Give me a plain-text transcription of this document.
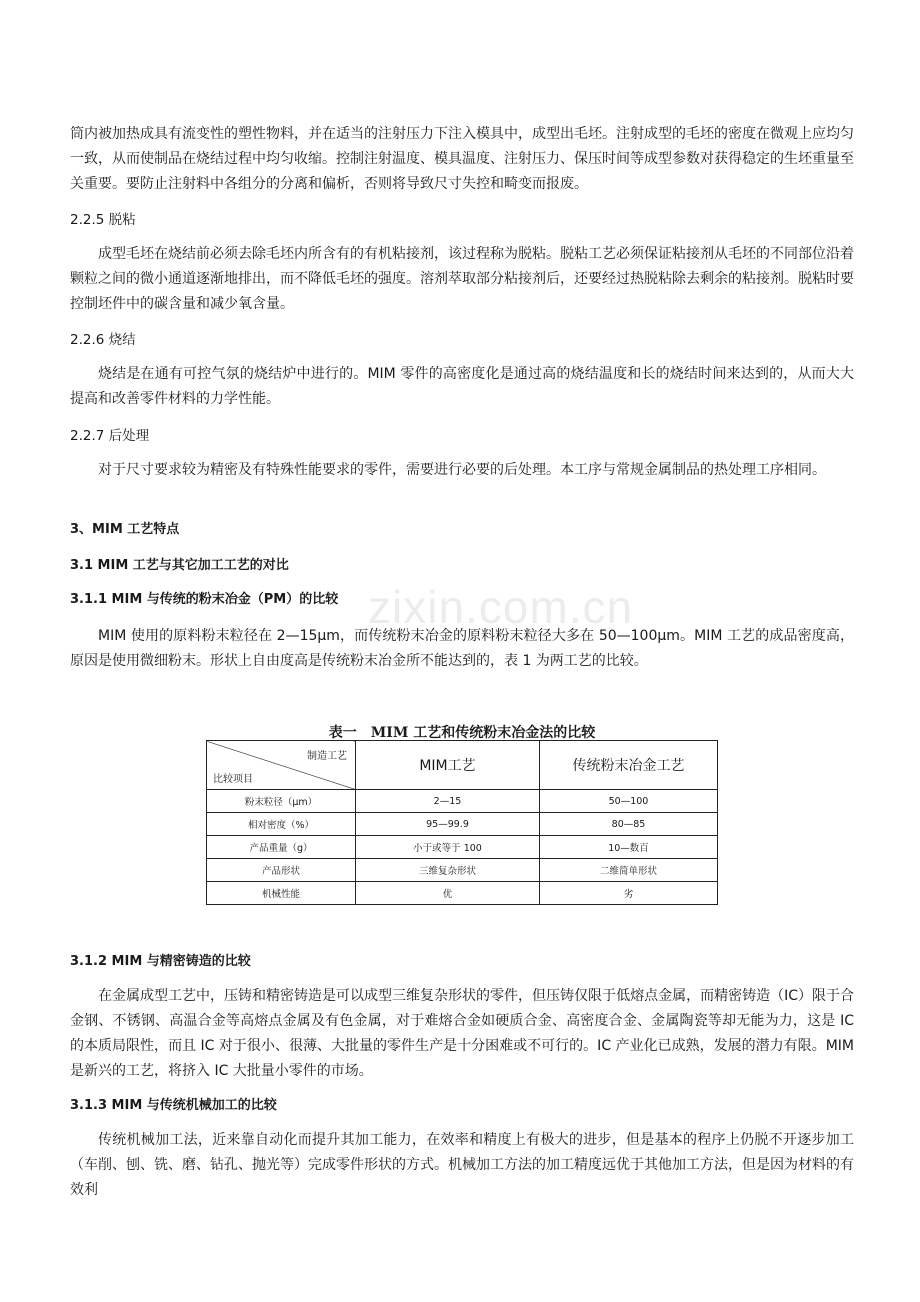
zixin.com.cn
筒内被加热成具有流变性的塑性物料，并在适当的注射压力下注入模具中，成型出毛坯。注射成型的毛坯的密度在微观上应均匀一致，从而使制品在烧结过程中均匀收缩。控制注射温度、模具温度、注射压力、保压时间等成型参数对获得稳定的生坯重量至关重要。要防止注射料中各组分的分离和偏析，否则将导致尺寸失控和畸变而报废。
2.2.5 脱粘
成型毛坯在烧结前必须去除毛坯内所含有的有机粘接剂，该过程称为脱粘。脱粘工艺必须保证粘接剂从毛坯的不同部位沿着颗粒之间的微小通道逐渐地排出，而不降低毛坯的强度。溶剂萃取部分粘接剂后，还要经过热脱粘除去剩余的粘接剂。脱粘时要控制坯件中的碳含量和减少氧含量。
2.2.6 烧结
烧结是在通有可控气氛的烧结炉中进行的。MIM 零件的高密度化是通过高的烧结温度和长的烧结时间来达到的，从而大大提高和改善零件材料的力学性能。
2.2.7 后处理
对于尺寸要求较为精密及有特殊性能要求的零件，需要进行必要的后处理。本工序与常规金属制品的热处理工序相同。
3、MIM 工艺特点
3.1 MIM 工艺与其它加工工艺的对比
3.1.1 MIM 与传统的粉末冶金（PM）的比较
MIM 使用的原料粉末粒径在 2—15μm，而传统粉末冶金的原料粉末粒径大多在 50—100μm。MIM 工艺的成品密度高，原因是使用微细粉末。形状上自由度高是传统粉末冶金所不能达到的，表 1 为两工艺的比较。
表一　MIM 工艺和传统粉末冶金法的比较
制造工艺
比较项目	MIM工艺	传统粉末冶金工艺
粉末粒径（μm）	2—15	50—100
相对密度（%）	95—99.9	80—85
产品重量（g）	小于或等于 100	10—数百
产品形状	三维复杂形状	二维简单形状
机械性能	优	劣
3.1.2 MIM 与精密铸造的比较
在金属成型工艺中，压铸和精密铸造是可以成型三维复杂形状的零件，但压铸仅限于低熔点金属，而精密铸造（IC）限于合金钢、不锈钢、高温合金等高熔点金属及有色金属，对于难熔合金如硬质合金、高密度合金、金属陶瓷等却无能为力，这是 IC 的本质局限性，而且 IC 对于很小、很薄、大批量的零件生产是十分困难或不可行的。IC 产业化已成熟，发展的潜力有限。MIM 是新兴的工艺，将挤入 IC 大批量小零件的市场。
3.1.3 MIM 与传统机械加工的比较
传统机械加工法，近来靠自动化而提升其加工能力，在效率和精度上有极大的进步，但是基本的程序上仍脱不开逐步加工（车削、刨、铣、磨、钻孔、抛光等）完成零件形状的方式。机械加工方法的加工精度远优于其他加工方法，但是因为材料的有效利
